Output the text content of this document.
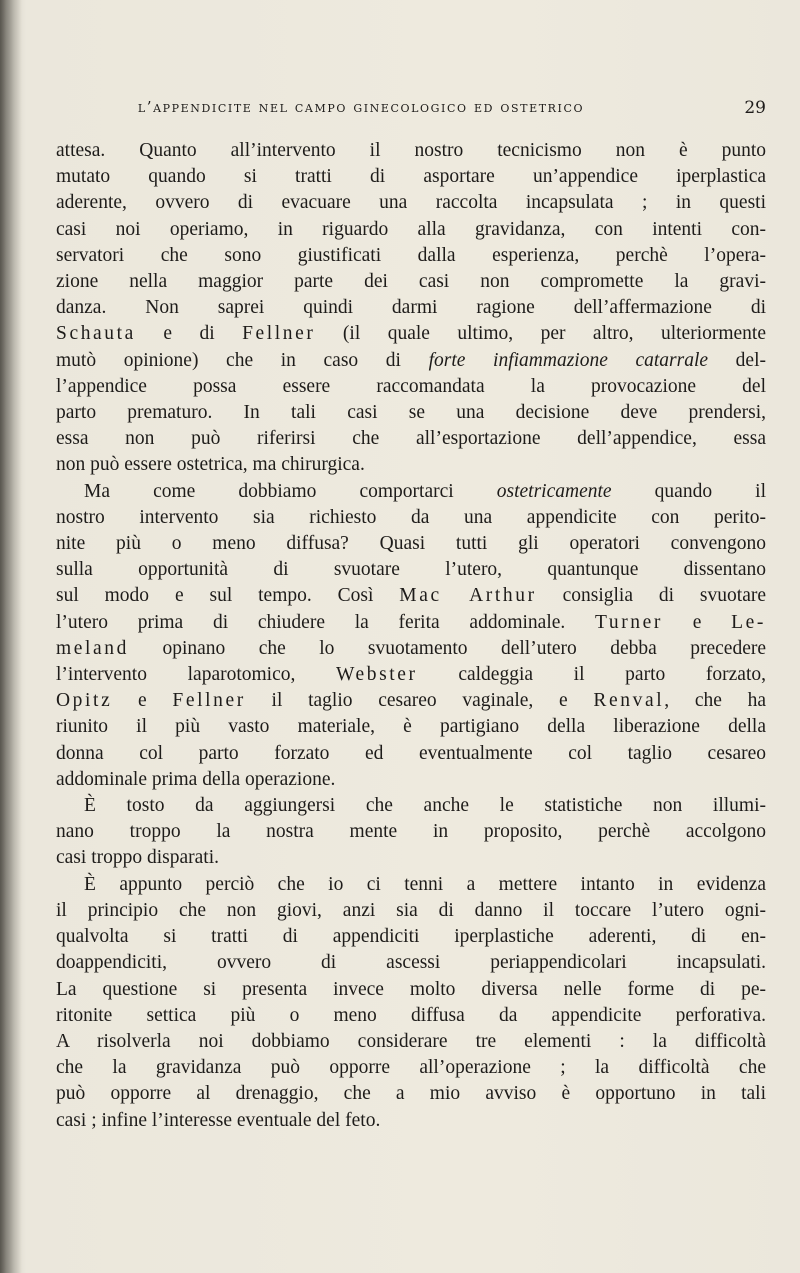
l’appendicite nel campo ginecologico ed ostetrico	29

attesa. Quanto all’intervento il nostro tecnicismo non è punto
mutato quando si tratti di asportare un’appendice iperplastica
aderente, ovvero di evacuare una raccolta incapsulata ; in questi
casi noi operiamo, in riguardo alla gravidanza, con intenti con-
servatori che sono giustificati dalla esperienza, perchè l’opera-
zione nella maggior parte dei casi non compromette la gravi-
danza. Non saprei quindi darmi ragione dell’affermazione di
Schauta e di Fellner (il quale ultimo, per altro, ulteriormente
mutò opinione) che in caso di forte infiammazione catarrale del-
l’appendice possa essere raccomandata la provocazione del
parto prematuro. In tali casi se una decisione deve prendersi,
essa non può riferirsi che all’esportazione dell’appendice, essa
non può essere ostetrica, ma chirurgica.

Ma come dobbiamo comportarci ostetricamente quando il
nostro intervento sia richiesto da una appendicite con perito-
nite più o meno diffusa? Quasi tutti gli operatori convengono
sulla opportunità di svuotare l’utero, quantunque dissentano
sul modo e sul tempo. Così Mac Arthur consiglia di svuotare
l’utero prima di chiudere la ferita addominale. Turner e Le-
meland opinano che lo svuotamento dell’utero debba precedere
l’intervento laparotomico, Webster caldeggia il parto forzato,
Opitz e Fellner il taglio cesareo vaginale, e Renval, che ha
riunito il più vasto materiale, è partigiano della liberazione della
donna col parto forzato ed eventualmente col taglio cesareo
addominale prima della operazione.

È tosto da aggiungersi che anche le statistiche non illumi-
nano troppo la nostra mente in proposito, perchè accolgono
casi troppo disparati.

È appunto perciò che io ci tenni a mettere intanto in evidenza
il principio che non giovi, anzi sia di danno il toccare l’utero ogni-
qualvolta si tratti di appendiciti iperplastiche aderenti, di en-
doappendiciti, ovvero di ascessi periappendicolari incapsulati.
La questione si presenta invece molto diversa nelle forme di pe-
ritonite settica più o meno diffusa da appendicite perforativa.
A risolverla noi dobbiamo considerare tre elementi : la difficoltà
che la gravidanza può opporre all’operazione ; la difficoltà che
può opporre al drenaggio, che a mio avviso è opportuno in tali
casi ; infine l’interesse eventuale del feto.
